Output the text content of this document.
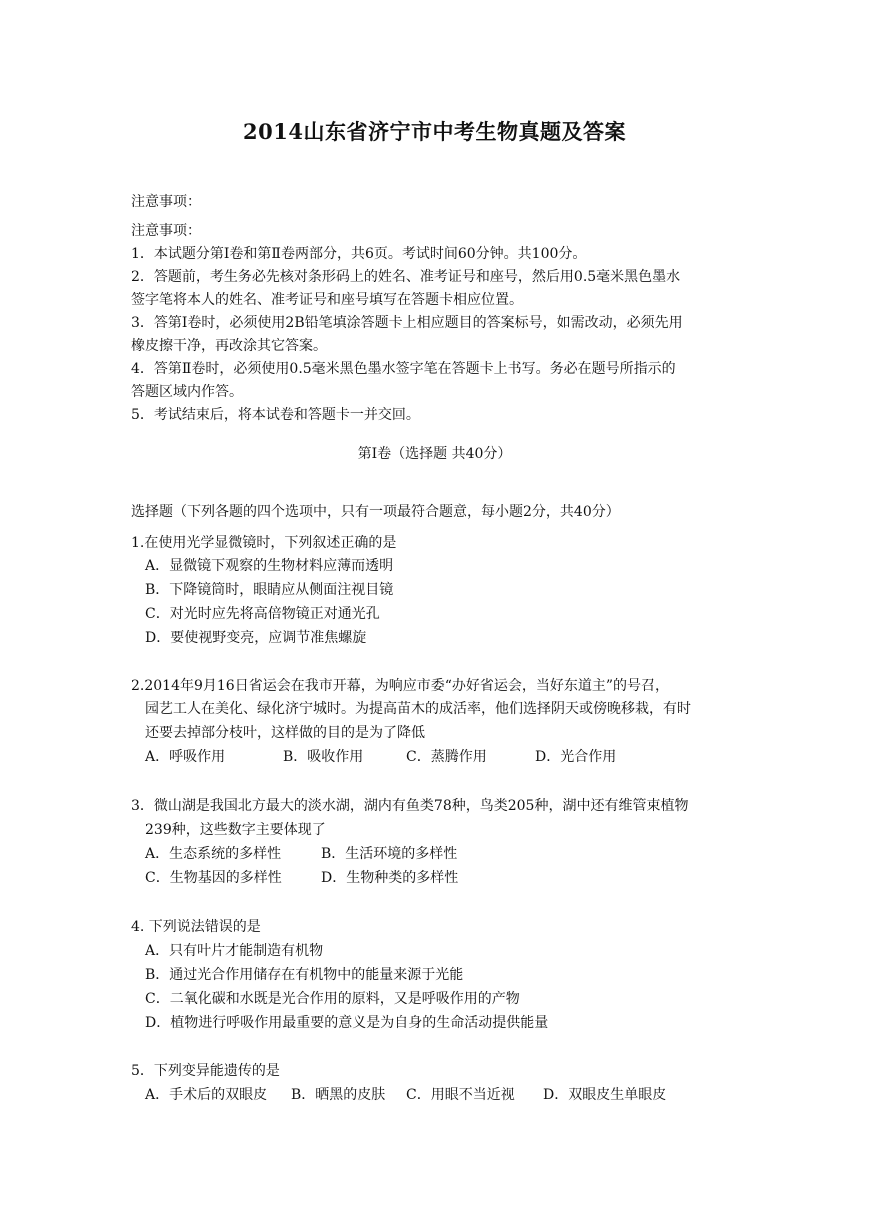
2014山东省济宁市中考生物真题及答案
注意事项：
注意事项：
1．本试题分第Ⅰ卷和第Ⅱ卷两部分，共6页。考试时间60分钟。共100分。
2．答题前，考生务必先核对条形码上的姓名、准考证号和座号，然后用0.5毫米黑色墨水
签字笔将本人的姓名、准考证号和座号填写在答题卡相应位置。
3．答第Ⅰ卷时，必须使用2B铅笔填涂答题卡上相应题目的答案标号，如需改动，必须先用
橡皮擦干净，再改涂其它答案。
4．答第Ⅱ卷时，必须使用0.5毫米黑色墨水签字笔在答题卡上书写。务必在题号所指示的
答题区域内作答。
5．考试结束后，将本试卷和答题卡一并交回。
第Ⅰ卷（选择题 共40分）
选择题（下列各题的四个选项中，只有一项最符合题意，每小题2分，共40分）
1.在使用光学显微镜时，下列叙述正确的是
A．显微镜下观察的生物材料应薄而透明
B．下降镜筒时，眼睛应从侧面注视目镜
C．对光时应先将高倍物镜正对通光孔
D．要使视野变亮，应调节准焦螺旋
2.2014年9月16日省运会在我市开幕，为响应市委“办好省运会，当好东道主”的号召，
园艺工人在美化、绿化济宁城时。为提高苗木的成活率，他们选择阴天或傍晚移栽，有时
还要去掉部分枝叶，这样做的目的是为了降低
A．呼吸作用	B．吸收作用	C．蒸腾作用	D．光合作用
3．微山湖是我国北方最大的淡水湖，湖内有鱼类78种，鸟类205种，湖中还有维管束植物
239种，这些数字主要体现了
A．生态系统的多样性	B．生活环境的多样性
C．生物基因的多样性	D．生物种类的多样性
4. 下列说法错误的是
A．只有叶片才能制造有机物
B．通过光合作用储存在有机物中的能量来源于光能
C．二氧化碳和水既是光合作用的原料，又是呼吸作用的产物
D．植物进行呼吸作用最重要的意义是为自身的生命活动提供能量
5．下列变异能遗传的是
A．手术后的双眼皮 B．晒黑的皮肤 C．用眼不当近视 D．双眼皮生单眼皮
